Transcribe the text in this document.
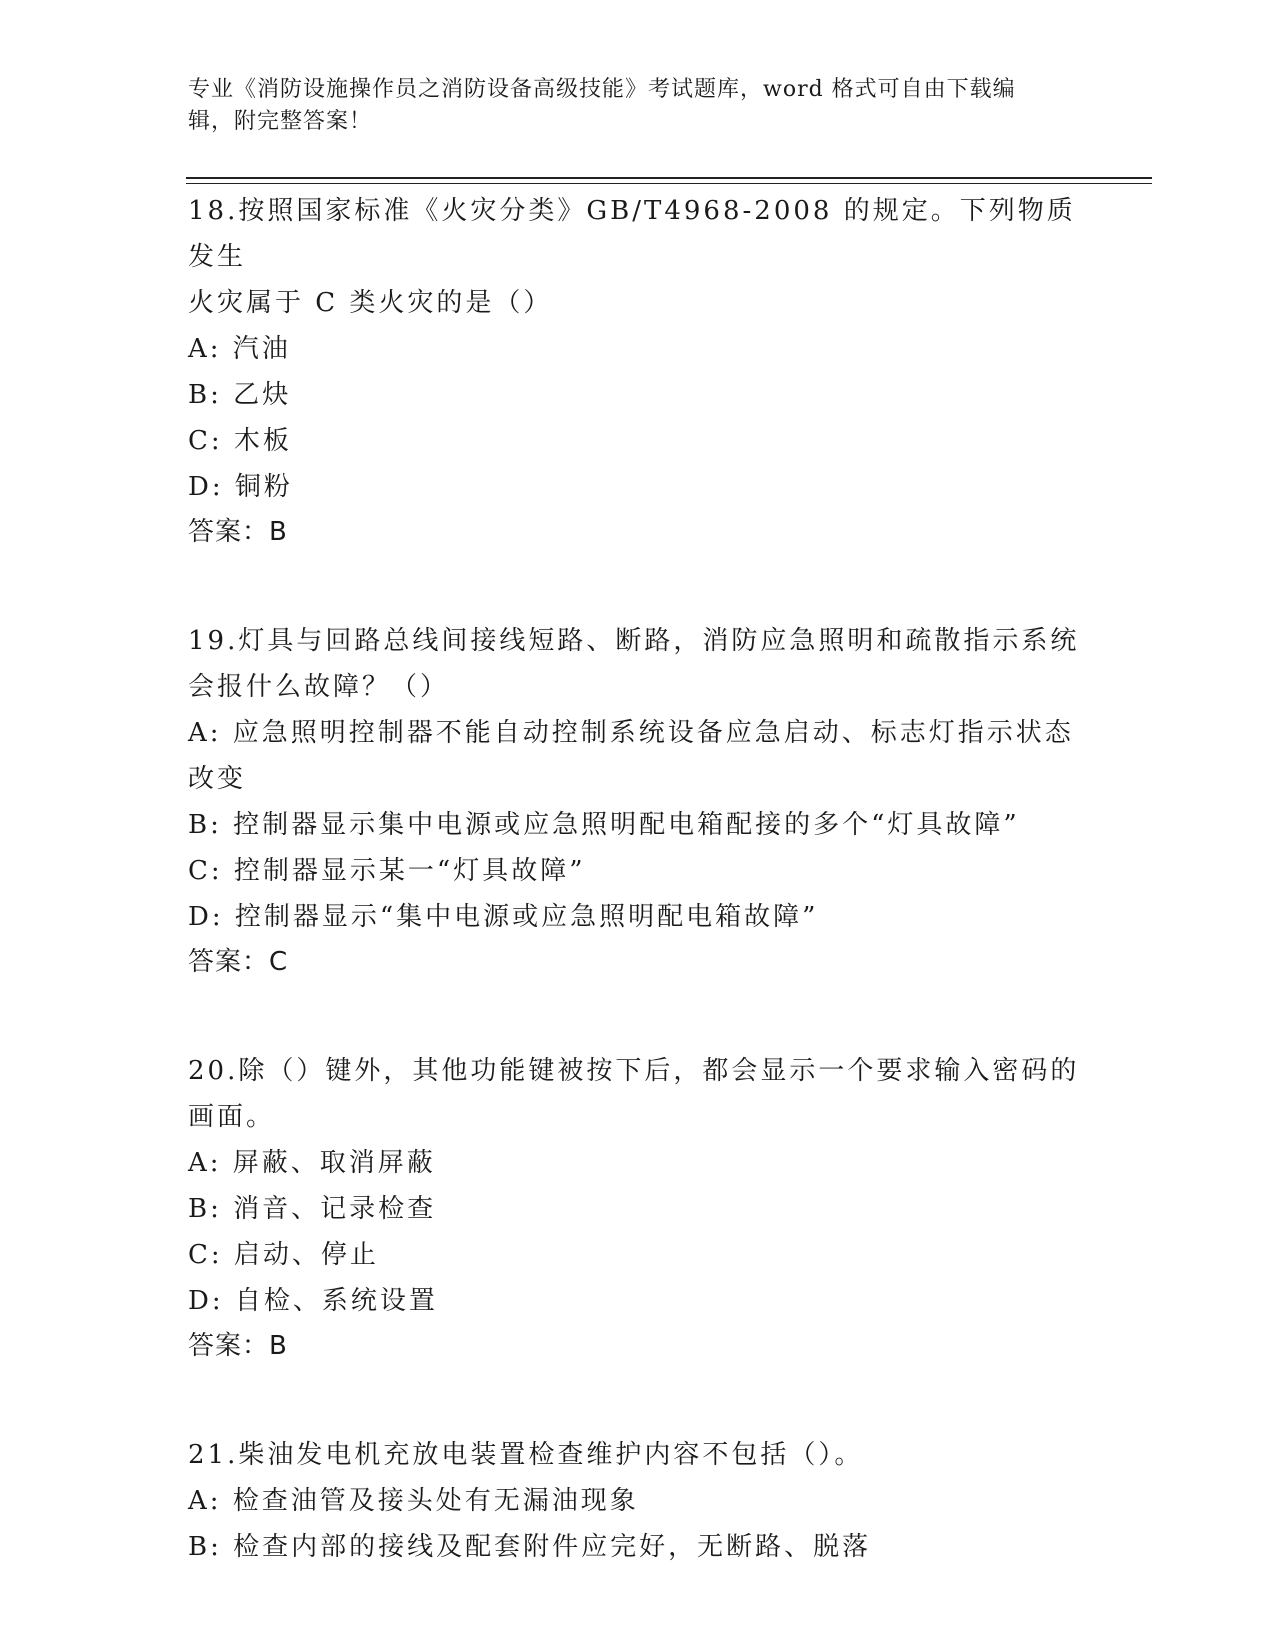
专业《消防设施操作员之消防设备高级技能》考试题库，word 格式可自由下载编
辑，附完整答案！
18.按照国家标准《火灾分类》GB/T4968-2008 的规定。下列物质发生
火灾属于 C 类火灾的是（）
A: 汽油
B: 乙炔
C: 木板
D: 铜粉
答案：B
19.灯具与回路总线间接线短路、断路，消防应急照明和疏散指示系统
会报什么故障？（）
A: 应急照明控制器不能自动控制系统设备应急启动、标志灯指示状态
改变
B: 控制器显示集中电源或应急照明配电箱配接的多个“灯具故障”
C: 控制器显示某一“灯具故障”
D: 控制器显示“集中电源或应急照明配电箱故障”
答案：C
20.除（）键外，其他功能键被按下后，都会显示一个要求输入密码的
画面。
A: 屏蔽、取消屏蔽
B: 消音、记录检查
C: 启动、停止
D: 自检、系统设置
答案：B
21.柴油发电机充放电装置检查维护内容不包括（）。
A: 检查油管及接头处有无漏油现象
B: 检查内部的接线及配套附件应完好，无断路、脱落
